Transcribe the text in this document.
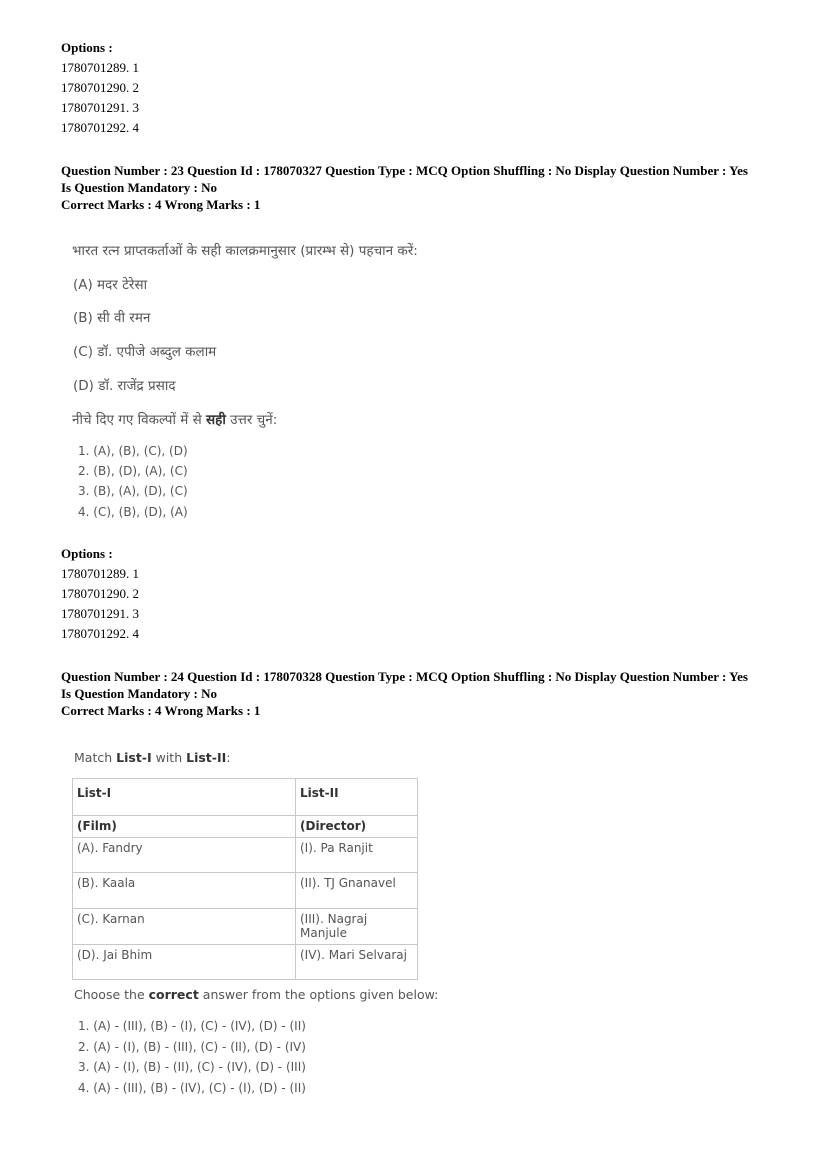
Options :
1780701289. 1
1780701290. 2
1780701291. 3
1780701292. 4
Question Number : 23 Question Id : 178070327 Question Type : MCQ Option Shuffling : No Display Question Number : Yes
Is Question Mandatory : No
Correct Marks : 4 Wrong Marks : 1
भारत रत्न प्राप्तकर्ताओं के सही कालक्रमानुसार (प्रारम्भ से) पहचान करें:
(A) मदर टेरेसा
(B) सी वी रमन
(C) डॉ. एपीजे अब्दुल कलाम
(D) डॉ. राजेंद्र प्रसाद
नीचे दिए गए विकल्पों में से सही उत्तर चुनें:
1. (A), (B), (C), (D)
2. (B), (D), (A), (C)
3. (B), (A), (D), (C)
4. (C), (B), (D), (A)
Options :
1780701289. 1
1780701290. 2
1780701291. 3
1780701292. 4
Question Number : 24 Question Id : 178070328 Question Type : MCQ Option Shuffling : No Display Question Number : Yes
Is Question Mandatory : No
Correct Marks : 4 Wrong Marks : 1
Match List-I with List-II:
List-I	List-II
(Film)	(Director)
(A). Fandry	(I). Pa Ranjit
(B). Kaala	(II). TJ Gnanavel
(C). Karnan	(III). Nagraj Manjule
(D). Jai Bhim	(IV). Mari Selvaraj
Choose the correct answer from the options given below:
1. (A) - (III), (B) - (I), (C) - (IV), (D) - (II)
2. (A) - (I), (B) - (III), (C) - (II), (D) - (IV)
3. (A) - (I), (B) - (II), (C) - (IV), (D) - (III)
4. (A) - (III), (B) - (IV), (C) - (I), (D) - (II)
